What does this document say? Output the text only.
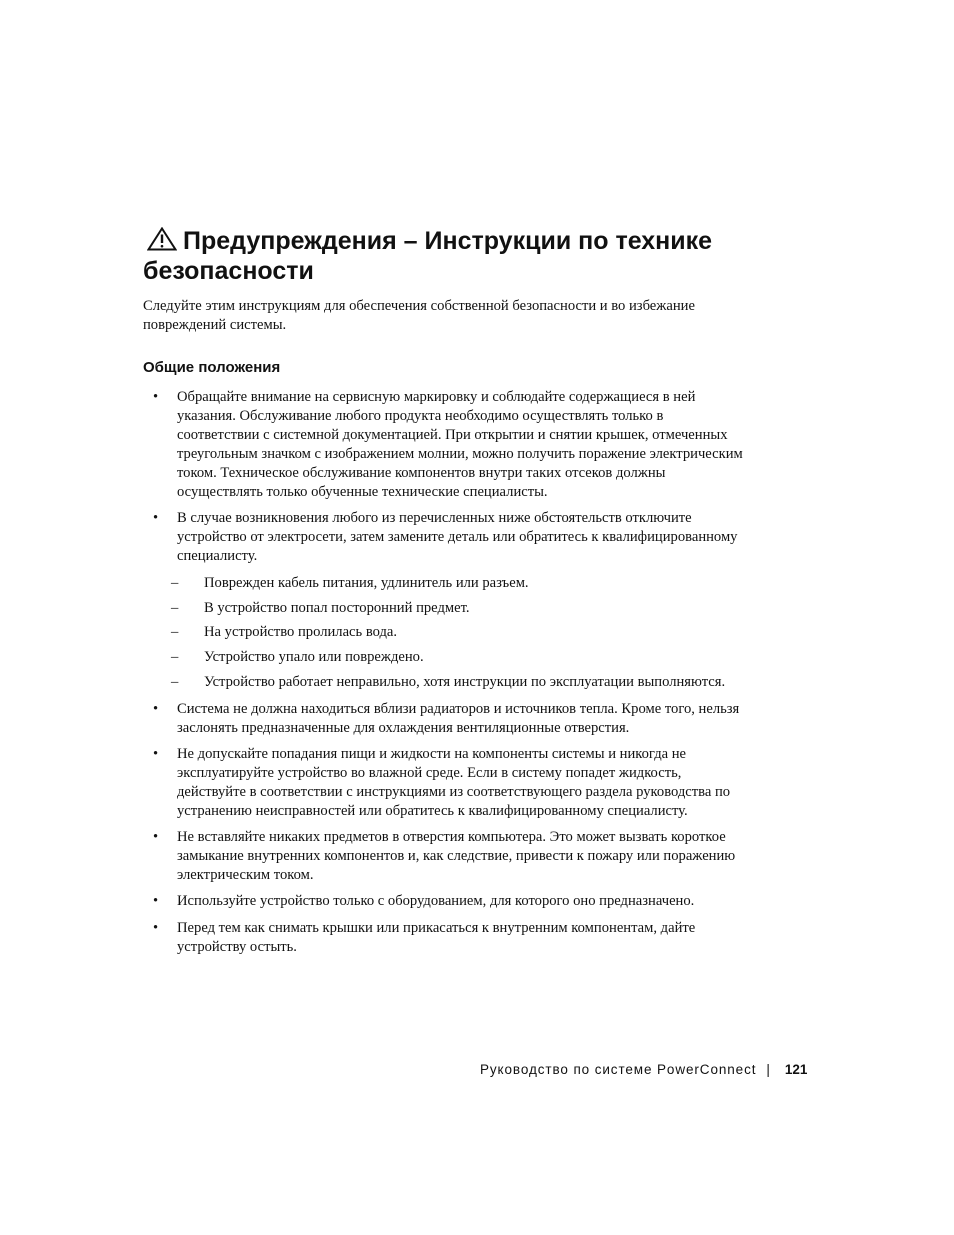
Предупреждения – Инструкции по технике безопасности

Следуйте этим инструкциям для обеспечения собственной безопасности и во избежание повреждений системы.

Общие положения
• Обращайте внимание на сервисную маркировку и соблюдайте содержащиеся в ней указания. Обслуживание любого продукта необходимо осуществлять только в соответствии с системной документацией. При открытии и снятии крышек, отмеченных треугольным значком с изображением молнии, можно получить поражение электрическим током. Техническое обслуживание компонентов внутри таких отсеков должны осуществлять только обученные технические специалисты.
• В случае возникновения любого из перечисленных ниже обстоятельств отключите устройство от электросети, затем замените деталь или обратитесь к квалифицированному специалисту.
– Поврежден кабель питания, удлинитель или разъем.
– В устройство попал посторонний предмет.
– На устройство пролилась вода.
– Устройство упало или повреждено.
– Устройство работает неправильно, хотя инструкции по эксплуатации выполняются.
• Система не должна находиться вблизи радиаторов и источников тепла. Кроме того, нельзя заслонять предназначенные для охлаждения вентиляционные отверстия.
• Не допускайте попадания пищи и жидкости на компоненты системы и никогда не эксплуатируйте устройство во влажной среде. Если в систему попадет жидкость, действуйте в соответствии с инструкциями из соответствующего раздела руководства по устранению неисправностей или обратитесь к квалифицированному специалисту.
• Не вставляйте никаких предметов в отверстия компьютера. Это может вызвать короткое замыкание внутренних компонентов и, как следствие, привести к пожару или поражению электрическим током.
• Используйте устройство только с оборудованием, для которого оно предназначено.
• Перед тем как снимать крышки или прикасаться к внутренним компонентам, дайте устройству остыть.
Руководство по системе PowerConnect | 121
